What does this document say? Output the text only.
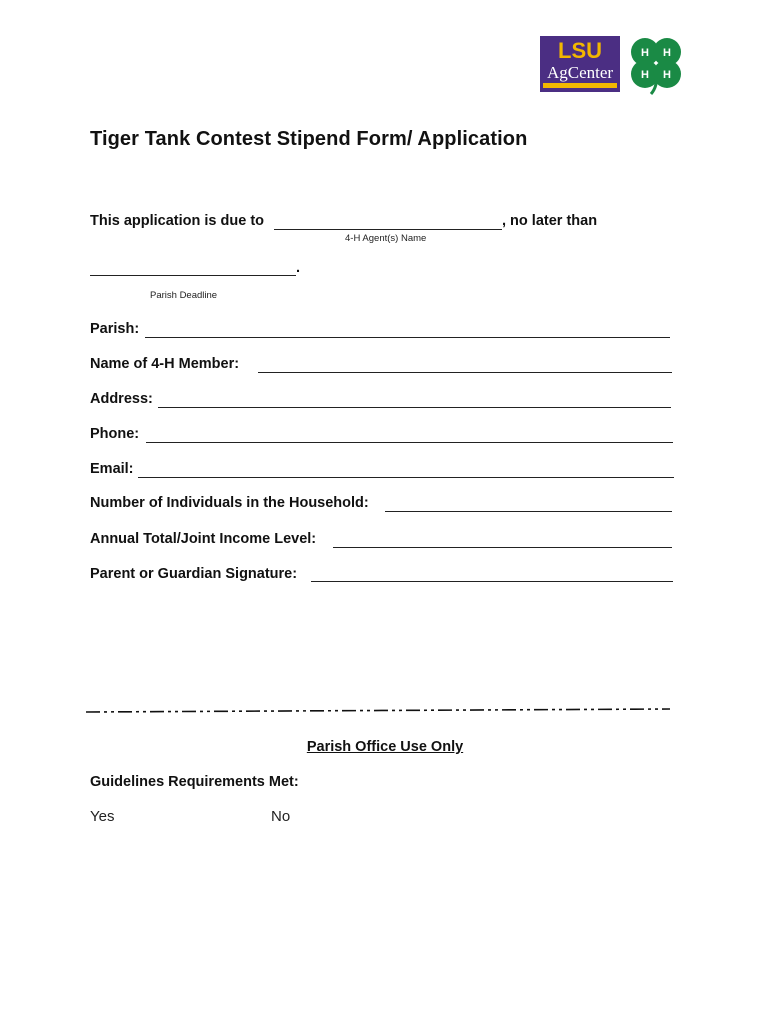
LSU
AgCenter
H H
H H
Tiger Tank Contest Stipend Form/ Application
This application is due to	, no later than
4-H Agent(s) Name
.
Parish Deadline
Parish:
Name of 4-H Member:
Address:
Phone:
Email:
Number of Individuals in the Household:
Annual Total/Joint Income Level:
Parent or Guardian Signature:
Parish Office Use Only
Guidelines Requirements Met:
Yes	No
